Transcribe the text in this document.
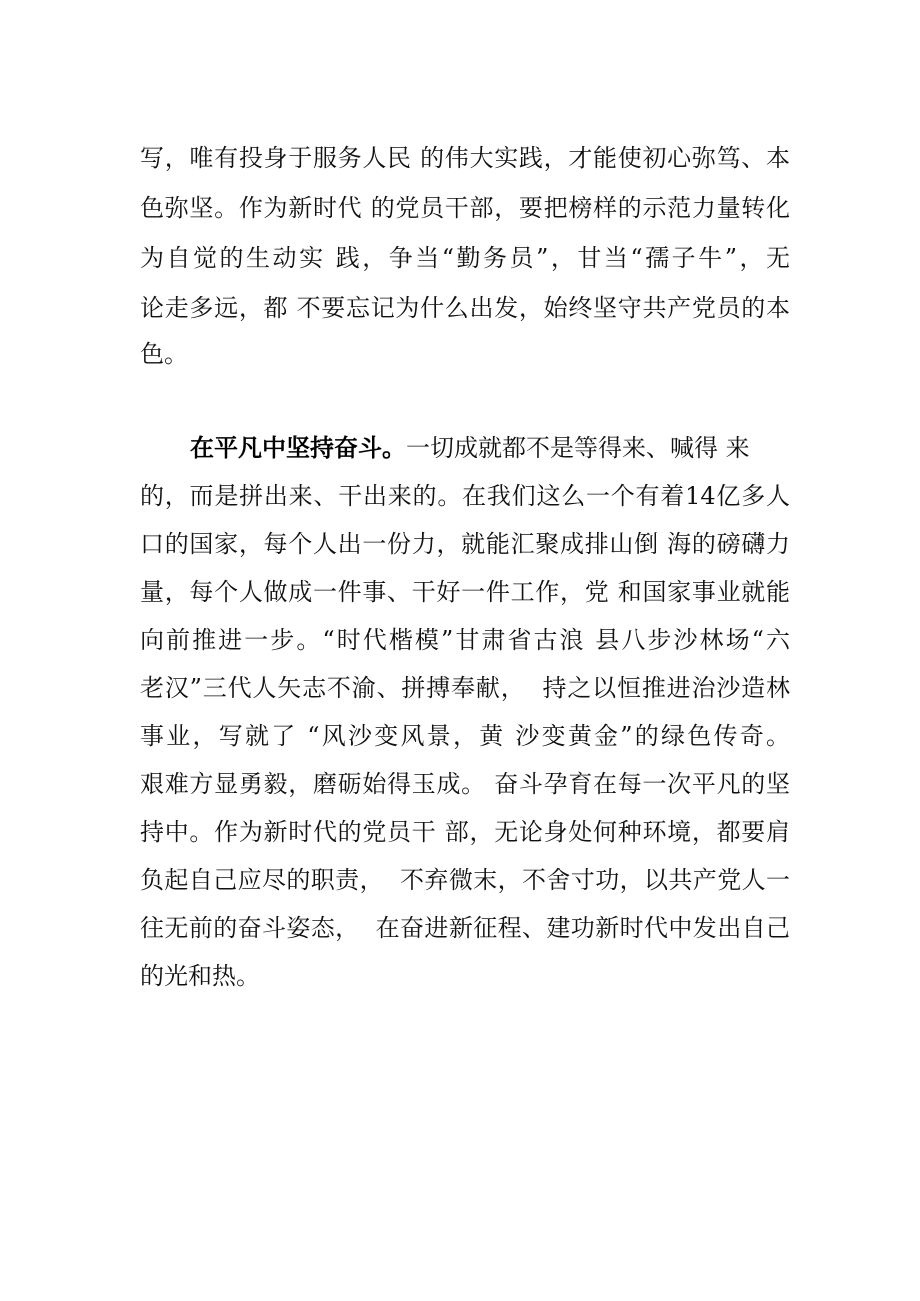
写，唯有投身于服务人民 的伟大实践，才能使初心弥笃、本
色弥坚。作为新时代 的党员干部，要把榜样的示范力量转化
为自觉的生动实 践，争当“勤务员”，甘当“孺子牛”，无
论走多远，都 不要忘记为什么出发，始终坚守共产党员的本
色。
在平凡中坚持奋斗。一切成就都不是等得来、喊得 来
的，而是拼出来、干出来的。在我们这么一个有着14亿多人
口的国家，每个人出一份力，就能汇聚成排山倒 海的磅礴力
量，每个人做成一件事、干好一件工作，党 和国家事业就能
向前推进一步。“时代楷模”甘肃省古浪 县八步沙林场“六
老汉”三代人矢志不渝、拼搏奉献，  持之以恒推进治沙造林
事业，写就了 “风沙变风景，黄 沙变黄金”的绿色传奇。
艰难方显勇毅，磨砺始得玉成。 奋斗孕育在每一次平凡的坚
持中。作为新时代的党员干 部，无论身处何种环境，都要肩
负起自己应尽的职责，  不弃微末，不舍寸功，以共产党人一
往无前的奋斗姿态，  在奋进新征程、建功新时代中发出自己
的光和热。
